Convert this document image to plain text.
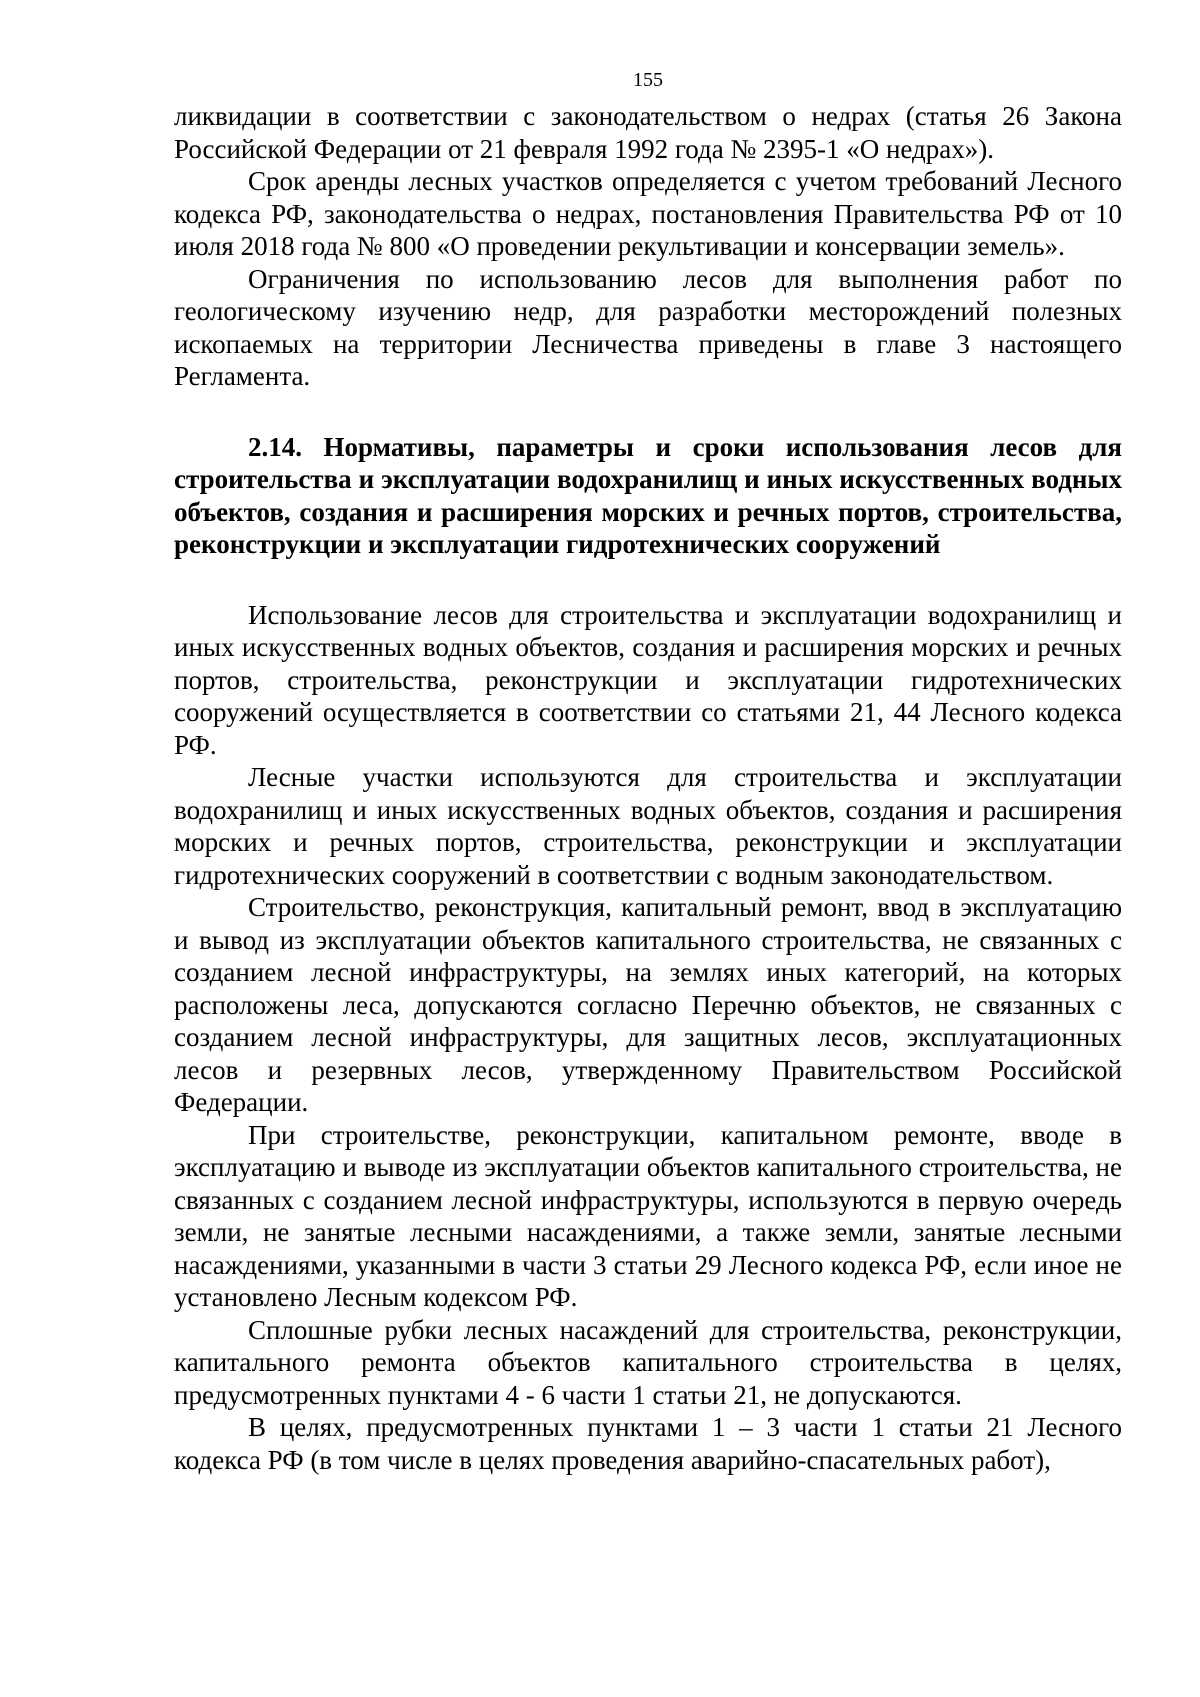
155

ликвидации в соответствии с законодательством о недрах (статья 26 Закона Российской Федерации от 21 февраля 1992 года № 2395-1 «О недрах»).

Срок аренды лесных участков определяется с учетом требований Лесного кодекса РФ, законодательства о недрах, постановления Правительства РФ от 10 июля 2018 года № 800 «О проведении рекультивации и консервации земель».

Ограничения по использованию лесов для выполнения работ по геологическому изучению недр, для разработки месторождений полезных ископаемых на территории Лесничества приведены в главе 3 настоящего Регламента.

2.14. Нормативы, параметры и сроки использования лесов для строительства и эксплуатации водохранилищ и иных искусственных водных объектов, создания и расширения морских и речных портов, строительства, реконструкции и эксплуатации гидротехнических сооружений

Использование лесов для строительства и эксплуатации водохранилищ и иных искусственных водных объектов, создания и расширения морских и речных портов, строительства, реконструкции и эксплуатации гидротехнических сооружений осуществляется в соответствии со статьями 21, 44 Лесного кодекса РФ.

Лесные участки используются для строительства и эксплуатации водохранилищ и иных искусственных водных объектов, создания и расширения морских и речных портов, строительства, реконструкции и эксплуатации гидротехнических сооружений в соответствии с водным законодательством.

Строительство, реконструкция, капитальный ремонт, ввод в эксплуатацию и вывод из эксплуатации объектов капитального строительства, не связанных с созданием лесной инфраструктуры, на землях иных категорий, на которых расположены леса, допускаются согласно Перечню объектов, не связанных с созданием лесной инфраструктуры, для защитных лесов, эксплуатационных лесов и резервных лесов, утвержденному Правительством Российской Федерации.

При строительстве, реконструкции, капитальном ремонте, вводе в эксплуатацию и выводе из эксплуатации объектов капитального строительства, не связанных с созданием лесной инфраструктуры, используются в первую очередь земли, не занятые лесными насаждениями, а также земли, занятые лесными насаждениями, указанными в части 3 статьи 29 Лесного кодекса РФ, если иное не установлено Лесным кодексом РФ.

Сплошные рубки лесных насаждений для строительства, реконструкции, капитального ремонта объектов капитального строительства в целях, предусмотренных пунктами 4 - 6 части 1 статьи 21, не допускаются.

В целях, предусмотренных пунктами 1 – 3 части 1 статьи 21 Лесного кодекса РФ (в том числе в целях проведения аварийно-спасательных работ),
